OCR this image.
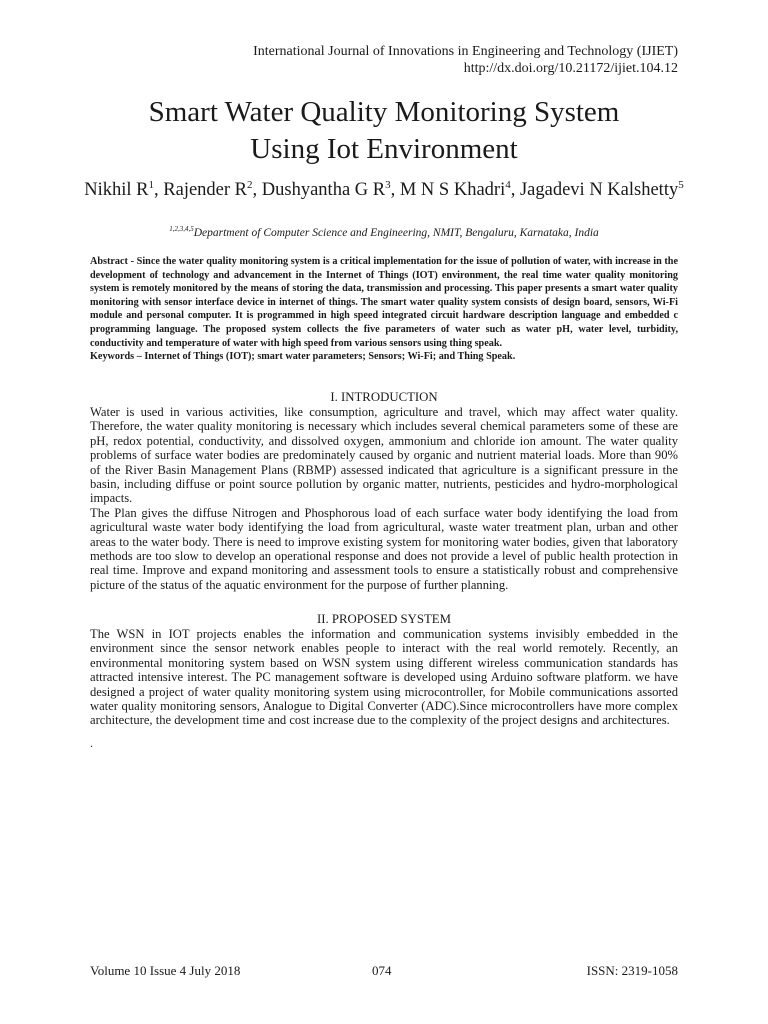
International Journal of Innovations in Engineering and Technology (IJIET)
http://dx.doi.org/10.21172/ijiet.104.12
Smart Water Quality Monitoring System
Using Iot Environment
Nikhil $R^1$, Rajender $R^2$, Dushyantha G $R^3$, M N S Khadri$^4$, Jagadevi N Kalshetty$^5$
$^{1,2,3,4,5}$Department of Computer Science and Engineering, NMIT, Bengaluru, Karnataka, India

Abstract - Since the water quality monitoring system is a critical implementation for the issue of pollution of water, with increase in the development of technology and advancement in the Internet of Things (IOT) environment, the real time water quality monitoring system is remotely monitored by the means of storing the data, transmission and processing. This paper presents a smart water quality monitoring with sensor interface device in internet of things. The smart water quality system consists of design board, sensors, Wi-Fi module and personal computer. It is programmed in high speed integrated circuit hardware description language and embedded c programming language. The proposed system collects the five parameters of water such as water pH, water level, turbidity, conductivity and temperature of water with high speed from various sensors using thing speak.

Keywords – Internet of Things (IOT); smart water parameters; Sensors; Wi-Fi; and Thing Speak.

I. INTRODUCTION

Water is used in various activities, like consumption, agriculture and travel, which may affect water quality. Therefore, the water quality monitoring is necessary which includes several chemical parameters some of these are pH, redox potential, conductivity, and dissolved oxygen, ammonium and chloride ion amount. The water quality problems of surface water bodies are predominately caused by organic and nutrient material loads. More than 90% of the River Basin Management Plans (RBMP) assessed indicated that agriculture is a significant pressure in the basin, including diffuse or point source pollution by organic matter, nutrients, pesticides and hydro-morphological impacts.

The Plan gives the diffuse Nitrogen and Phosphorous load of each surface water body identifying the load from agricultural waste water body identifying the load from agricultural, waste water treatment plan, urban and other areas to the water body. There is need to improve existing system for monitoring water bodies, given that laboratory methods are too slow to develop an operational response and does not provide a level of public health protection in real time. Improve and expand monitoring and assessment tools to ensure a statistically robust and comprehensive picture of the status of the aquatic environment for the purpose of further planning.

II. PROPOSED SYSTEM

The WSN in IOT projects enables the information and communication systems invisibly embedded in the environment since the sensor network enables people to interact with the real world remotely. Recently, an environmental monitoring system based on WSN system using different wireless communication standards has attracted intensive interest. The PC management software is developed using Arduino software platform. we have designed a project of water quality monitoring system using microcontroller, for Mobile communications assorted water quality monitoring sensors, Analogue to Digital Converter (ADC).Since microcontrollers have more complex architecture, the development time and cost increase due to the complexity of the project designs and architectures.

.
Volume 10 Issue 4 July 2018	074	ISSN: 2319-1058
